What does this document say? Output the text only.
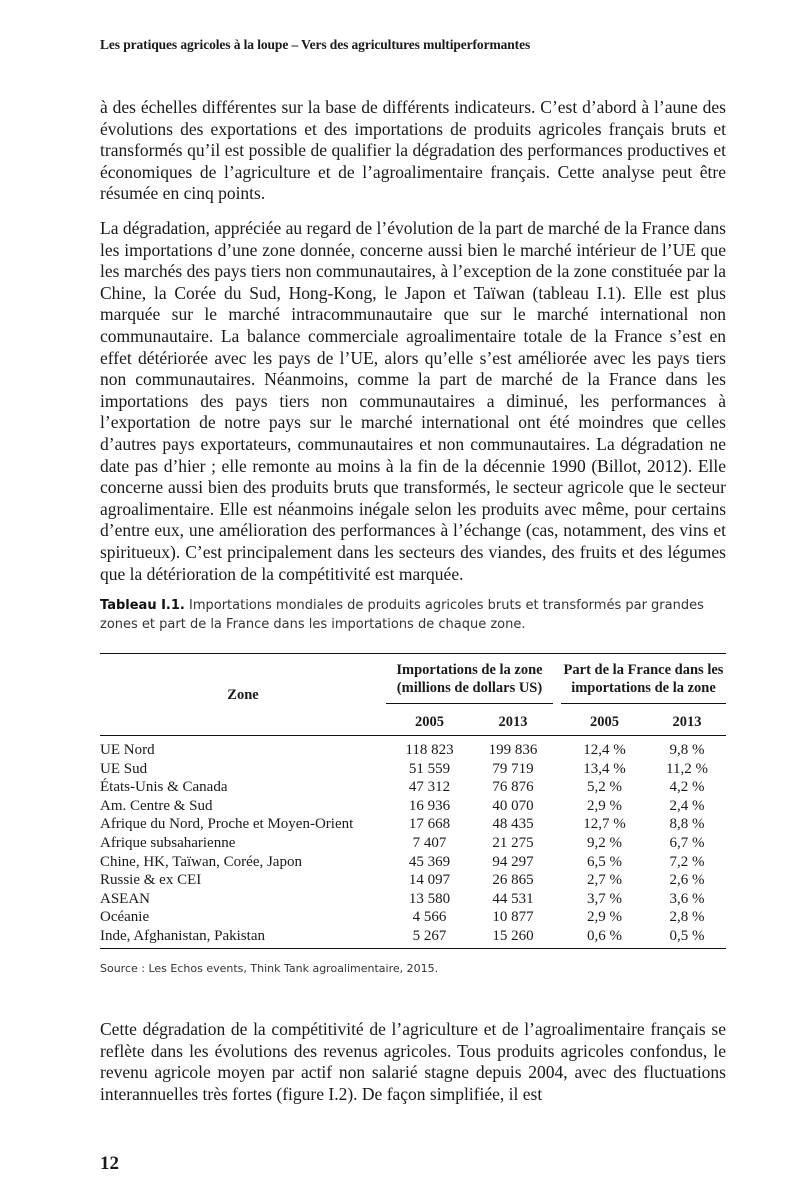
Les pratiques agricoles à la loupe – Vers des agricultures multiperformantes

à des échelles différentes sur la base de différents indicateurs. C’est d’abord à l’aune des évolutions des exportations et des importations de produits agricoles français bruts et transformés qu’il est possible de qualifier la dégradation des performances productives et économiques de l’agriculture et de l’agroalimentaire français. Cette analyse peut être résumée en cinq points.

La dégradation, appréciée au regard de l’évolution de la part de marché de la France dans les importations d’une zone donnée, concerne aussi bien le marché intérieur de l’UE que les marchés des pays tiers non communautaires, à l’exception de la zone constituée par la Chine, la Corée du Sud, Hong-Kong, le Japon et Taïwan (tableau I.1). Elle est plus marquée sur le marché intracommunautaire que sur le marché international non communautaire. La balance commerciale agroalimentaire totale de la France s’est en effet détériorée avec les pays de l’UE, alors qu’elle s’est améliorée avec les pays tiers non communautaires. Néanmoins, comme la part de marché de la France dans les importations des pays tiers non communautaires a diminué, les performances à l’exportation de notre pays sur le marché international ont été moindres que celles d’autres pays exportateurs, communautaires et non communautaires. La dégradation ne date pas d’hier ; elle remonte au moins à la fin de la décennie 1990 (Billot, 2012). Elle concerne aussi bien des produits bruts que transformés, le secteur agricole que le secteur agroalimentaire. Elle est néanmoins inégale selon les produits avec même, pour certains d’entre eux, une amélioration des performances à l’échange (cas, notamment, des vins et spiritueux). C’est principalement dans les secteurs des viandes, des fruits et des légumes que la détérioration de la compétitivité est marquée.

Tableau I.1. Importations mondiales de produits agricoles bruts et transformés par grandes zones et part de la France dans les importations de chaque zone.
Zone	Importations de la zone (millions de dollars US)			Part de la France dans les importations de la zone	

	2005	2013		2005	2013
UE Nord	118 823	199 836		12,4 %	9,8 %
UE Sud	51 559	79 719		13,4 %	11,2 %
États-Unis & Canada	47 312	76 876		5,2 %	4,2 %
Am. Centre & Sud	16 936	40 070		2,9 %	2,4 %
Afrique du Nord, Proche et Moyen-Orient	17 668	48 435		12,7 %	8,8 %
Afrique subsaharienne	7 407	21 275		9,2 %	6,7 %
Chine, HK, Taïwan, Corée, Japon	45 369	94 297		6,5 %	7,2 %
Russie & ex CEI	14 097	26 865		2,7 %	2,6 %
ASEAN	13 580	44 531		3,7 %	3,6 %
Océanie	4 566	10 877		2,9 %	2,8 %
Inde, Afghanistan, Pakistan	5 267	15 260		0,6 %	0,5 %
Source : Les Echos events, Think Tank agroalimentaire, 2015.

Cette dégradation de la compétitivité de l’agriculture et de l’agroalimentaire français se reflète dans les évolutions des revenus agricoles. Tous produits agricoles confondus, le revenu agricole moyen par actif non salarié stagne depuis 2004, avec des fluctuations interannuelles très fortes (figure I.2). De façon simplifiée, il est

12
